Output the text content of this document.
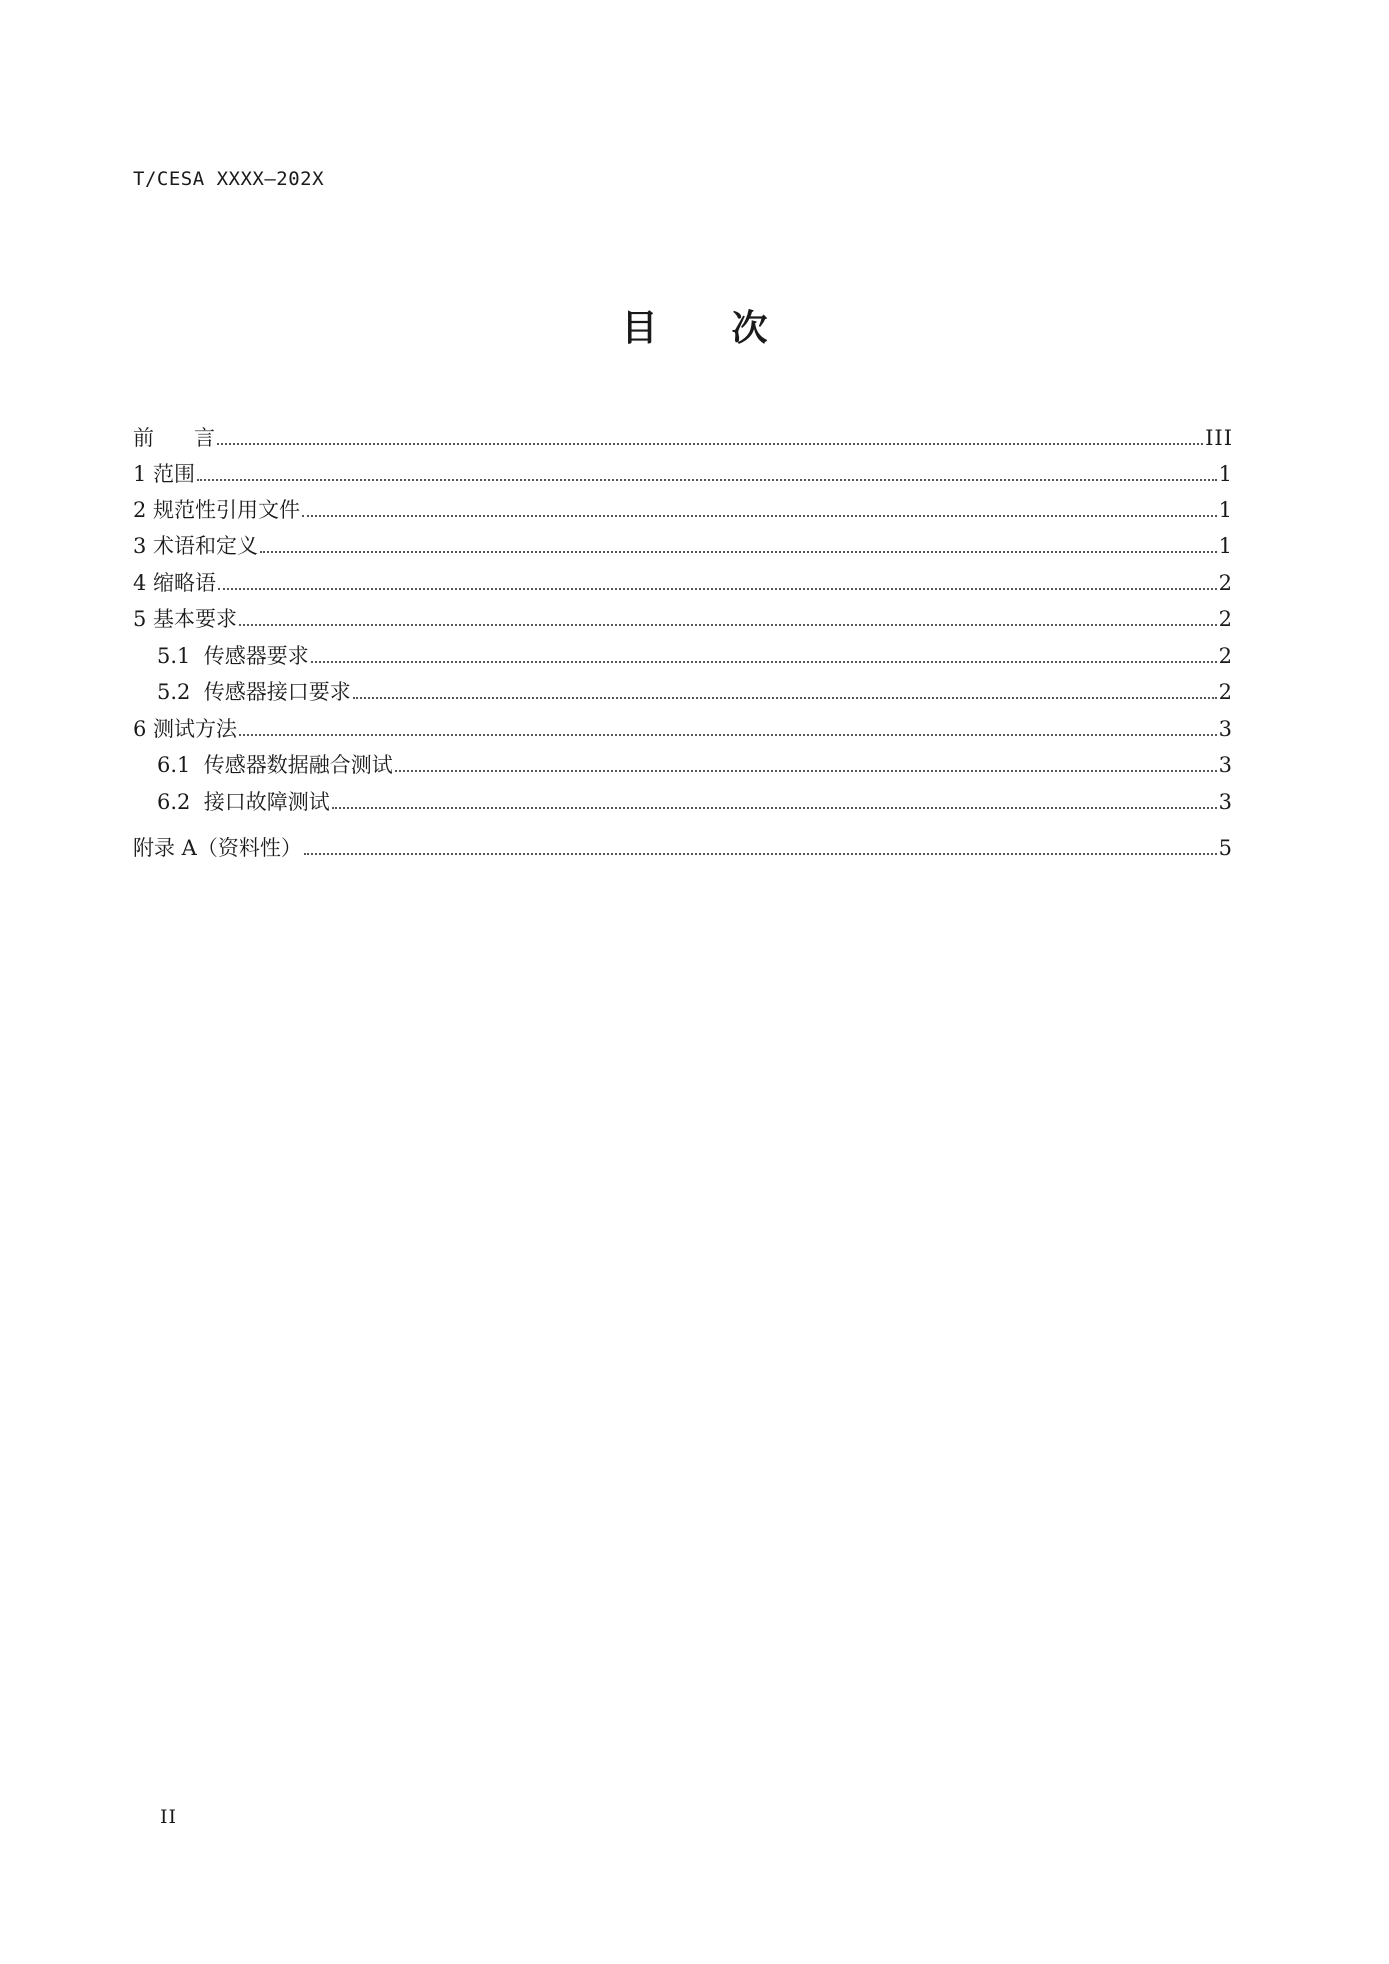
T/CESA XXXX—202X
目 次
前      言	III
1 范围	1
2 规范性引用文件	1
3 术语和定义	1
4 缩略语	2
5 基本要求	2
5.1 传感器要求	2
5.2 传感器接口要求	2
6 测试方法	3
6.1 传感器数据融合测试	3
6.2 接口故障测试	3
附录 A（资料性）	5
II
